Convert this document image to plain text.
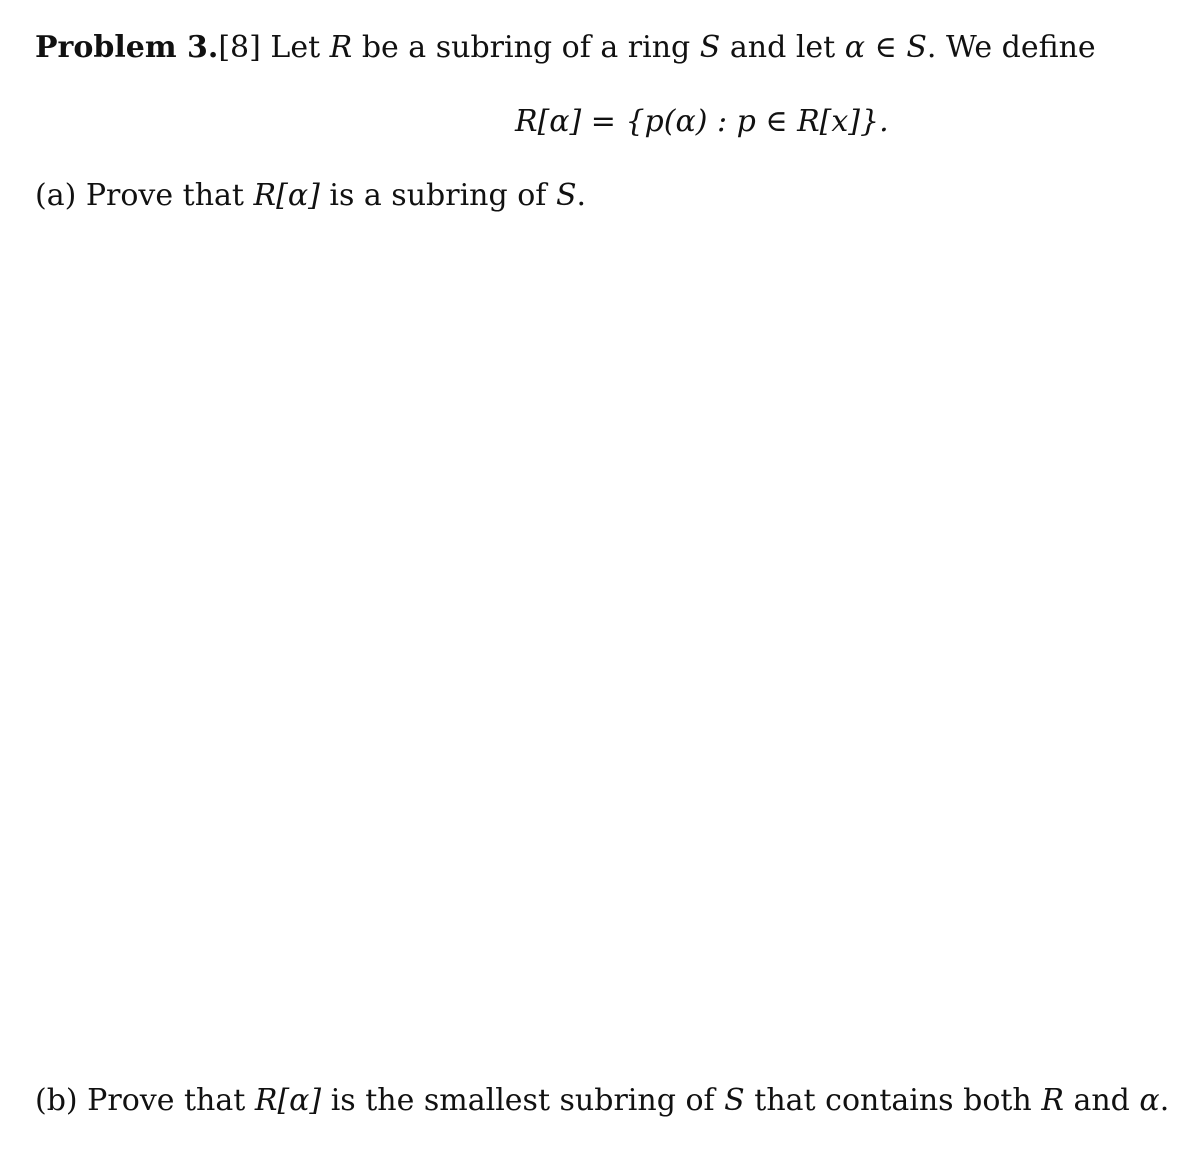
Problem 3.[8] Let R be a subring of a ring S and let α ∈ S. We define
R[α] = {p(α) : p ∈ R[x]}.
(a) Prove that R[α] is a subring of S.
(b) Prove that R[α] is the smallest subring of S that contains both R and α.
